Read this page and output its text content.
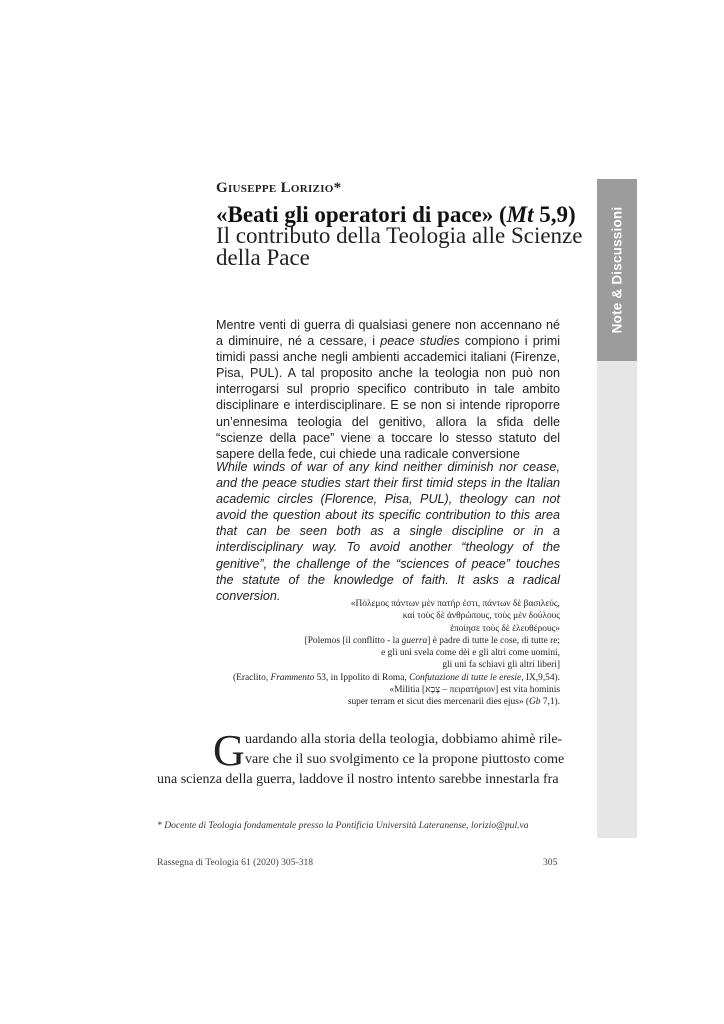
Note & Discussioni
Giuseppe Lorizio*
«Beati gli operatori di pace» (Mt 5,9)
Il contributo della Teologia alle Scienze della Pace
Mentre venti di guerra di qualsiasi genere non accennano né a diminuire, né a cessare, i peace studies compiono i primi timidi passi anche negli ambienti accademici italiani (Firenze, Pisa, PUL). A tal proposito anche la teologia non può non interrogarsi sul proprio specifico contributo in tale ambito disciplinare e interdisciplinare. E se non si intende riproporre un’ennesima teologia del genitivo, allora la sfida delle “scienze della pace” viene a toccare lo stesso statuto del sapere della fede, cui chiede una radicale conversione
While winds of war of any kind neither diminish nor cease, and the peace studies start their first timid steps in the Italian academic circles (Florence, Pisa, PUL), theology can not avoid the question about its specific contribution to this area that can be seen both as a single discipline or in a interdisciplinary way. To avoid another “theology of the genitive”, the challenge of the “sciences of peace” touches the statute of the knowledge of faith. It asks a radical conversion.
«Πόλεμος πάντων μὲν πατήρ ἐστι, πάντων δὲ βασιλεύς,
καὶ τοὺς δὲ ἀνθρώπους, τοὺς μὲν δούλους
ἐποίησε τοὺς δὲ ἐλευθέρους»
[Polemos [il conflitto - la guerra] è padre di tutte le cose, di tutte re;
e gli uni svela come dèi e gli altri come uomini,
gli uni fa schiavi gli altri liberi]
(Eraclito, Frammento 53, in Ippolito di Roma, Confutazione di tutte le eresie, IX,9,54).
«Militia [צָבָא – πειρατήριον] est vita hominis
super terram et sicut dies mercenarii dies ejus» (Gb 7,1).
G uardando alla storia della teologia, dobbiamo ahimè rile-
vare che il suo svolgimento ce la propone piuttosto come
una scienza della guerra, laddove il nostro intento sarebbe innestarla fra
* Docente di Teologia fondamentale presso la Pontificia Università Lateranense, lorizio@pul.va
Rassegna di Teologia 61 (2020) 305-318	305
